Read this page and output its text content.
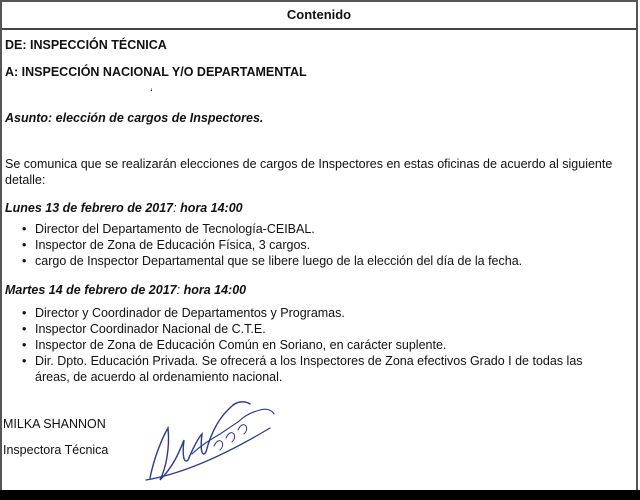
Contenido
DE: INSPECCIÓN TÉCNICA
A: INSPECCIÓN NACIONAL Y/O DEPARTAMENTAL
‘
Asunto: elección de cargos de Inspectores.
Se comunica que se realizarán elecciones de cargos de Inspectores en estas oficinas de acuerdo al siguiente
detalle:
Lunes 13 de febrero de 2017: hora 14:00
• Director del Departamento de Tecnología-CEIBAL.
• Inspector de Zona de Educación Física, 3 cargos.
• cargo de Inspector Departamental que se libere luego de la elección del día de la fecha.
Martes 14 de febrero de 2017: hora 14:00
• Director y Coordinador de Departamentos y Programas.
• Inspector Coordinador Nacional de C.T.E.
• Inspector de Zona de Educación Común en Soriano, en carácter suplente.
• Dir. Dpto. Educación Privada. Se ofrecerá a los Inspectores de Zona efectivos Grado I de todas las
áreas, de acuerdo al ordenamiento nacional.
MILKA SHANNON
Inspectora Técnica
